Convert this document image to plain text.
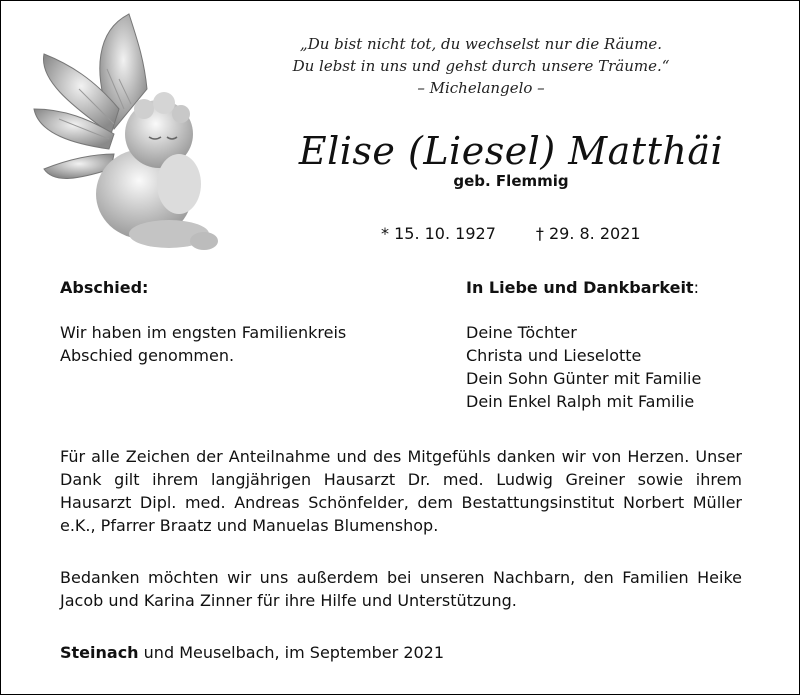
„Du bist nicht tot, du wechselst nur die Räume.
Du lebst in uns und gehst durch unsere Träume.“
– Michelangelo –
Elise (Liesel) Matthäi
geb. Flemmig
* 15. 10. 1927	† 29. 8. 2021
Abschied:

Wir haben im engsten Familienkreis

Abschied genommen.

In Liebe und Dankbarkeit:

Deine Töchter

Christa und Lieselotte

Dein Sohn Günter mit Familie

Dein Enkel Ralph mit Familie

Für alle Zeichen der Anteilnahme und des Mitgefühls danken wir von Herzen. Unser Dank gilt ihrem langjährigen Hausarzt Dr. med. Ludwig Greiner sowie ihrem Hausarzt Dipl. med. Andreas Schönfelder, dem Bestattungsinstitut Norbert Müller e.K., Pfarrer Braatz und Manuelas Blumenshop.
Bedanken möchten wir uns außerdem bei unseren Nachbarn, den Familien Heike Jacob und Karina Zinner für ihre Hilfe und Unterstützung.
Steinach und Meuselbach, im September 2021
